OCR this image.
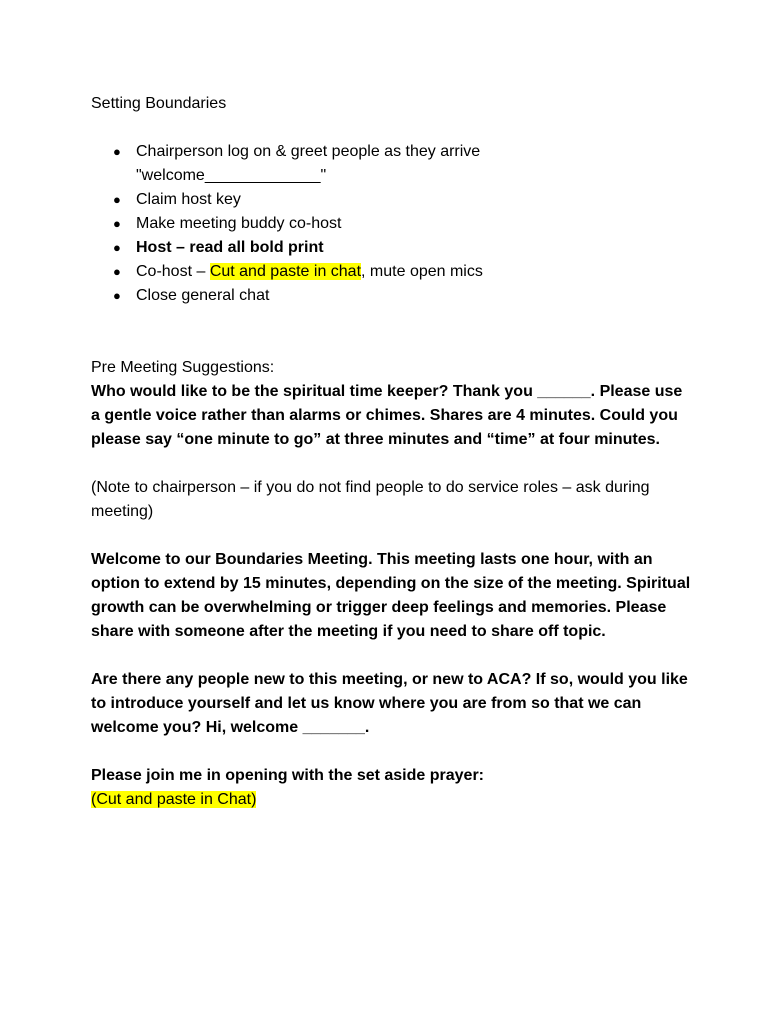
Setting Boundaries

● Chairperson log on & greet people as they arrive
"welcome_____________"
● Claim host key
● Make meeting buddy co-host
● Host – read all bold print
● Co-host – Cut and paste in chat, mute open mics
● Close general chat

Pre Meeting Suggestions:

Who would like to be the spiritual time keeper? Thank you ______. Please use a gentle voice rather than alarms or chimes. Shares are 4 minutes. Could you please say “one minute to go” at three minutes and “time” at four minutes.

(Note to chairperson – if you do not find people to do service roles – ask during meeting)

Welcome to our Boundaries Meeting. This meeting lasts one hour, with an option to extend by 15 minutes, depending on the size of the meeting. Spiritual growth can be overwhelming or trigger deep feelings and memories. Please share with someone after the meeting if you need to share off topic.

Are there any people new to this meeting, or new to ACA? If so, would you like to introduce yourself and let us know where you are from so that we can welcome you? Hi, welcome _______.

Please join me in opening with the set aside prayer:

(Cut and paste in Chat)
